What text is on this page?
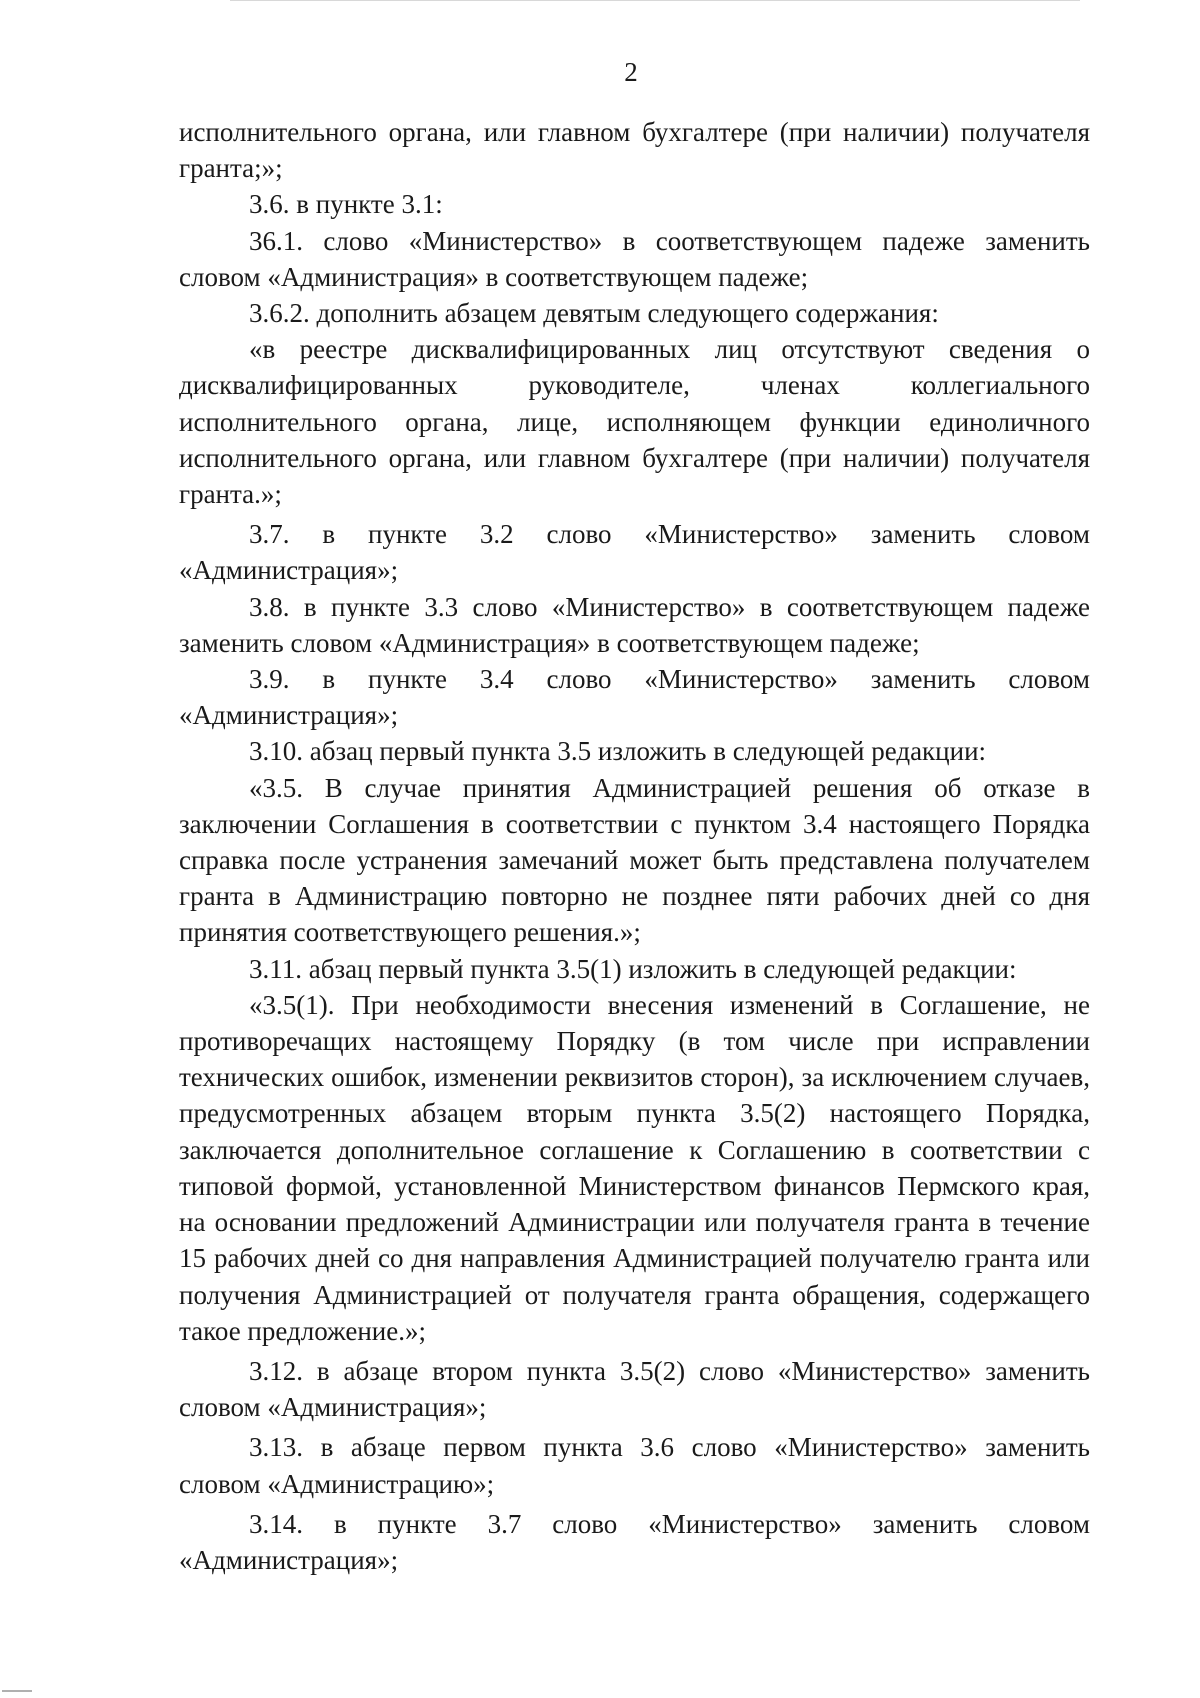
2

исполнительного органа, или главном бухгалтере (при наличии) получателя гранта;»;

3.6. в пункте 3.1:

36.1. слово «Министерство» в соответствующем падеже заменить словом «Администрация» в соответствующем падеже;

3.6.2. дополнить абзацем девятым следующего содержания:

«в реестре дисквалифицированных лиц отсутствуют сведения о дисквалифицированных руководителе, членах коллегиального исполнительного органа, лице, исполняющем функции единоличного исполнительного органа, или главном бухгалтере (при наличии) получателя гранта.»;

3.7. в пункте 3.2 слово «Министерство» заменить словом «Администрация»;

3.8. в пункте 3.3 слово «Министерство» в соответствующем падеже заменить словом «Администрация» в соответствующем падеже;

3.9. в пункте 3.4 слово «Министерство» заменить словом «Администрация»;

3.10. абзац первый пункта 3.5 изложить в следующей редакции:

«3.5. В случае принятия Администрацией решения об отказе в заключении Соглашения в соответствии с пунктом 3.4 настоящего Порядка справка после устранения замечаний может быть представлена получателем гранта в Администрацию повторно не позднее пяти рабочих дней со дня принятия соответствующего решения.»;

3.11. абзац первый пункта 3.5(1) изложить в следующей редакции:

«3.5(1). При необходимости внесения изменений в Соглашение, не противоречащих настоящему Порядку (в том числе при исправлении технических ошибок, изменении реквизитов сторон), за исключением случаев, предусмотренных абзацем вторым пункта 3.5(2) настоящего Порядка, заключается дополнительное соглашение к Соглашению в соответствии с типовой формой, установленной Министерством финансов Пермского края, на основании предложений Администрации или получателя гранта в течение 15 рабочих дней со дня направления Администрацией получателю гранта или получения Администрацией от получателя гранта обращения, содержащего такое предложение.»;

3.12. в абзаце втором пункта 3.5(2) слово «Министерство» заменить словом «Администрация»;

3.13. в абзаце первом пункта 3.6 слово «Министерство» заменить словом «Администрацию»;

3.14. в пункте 3.7 слово «Министерство» заменить словом «Администрация»;
